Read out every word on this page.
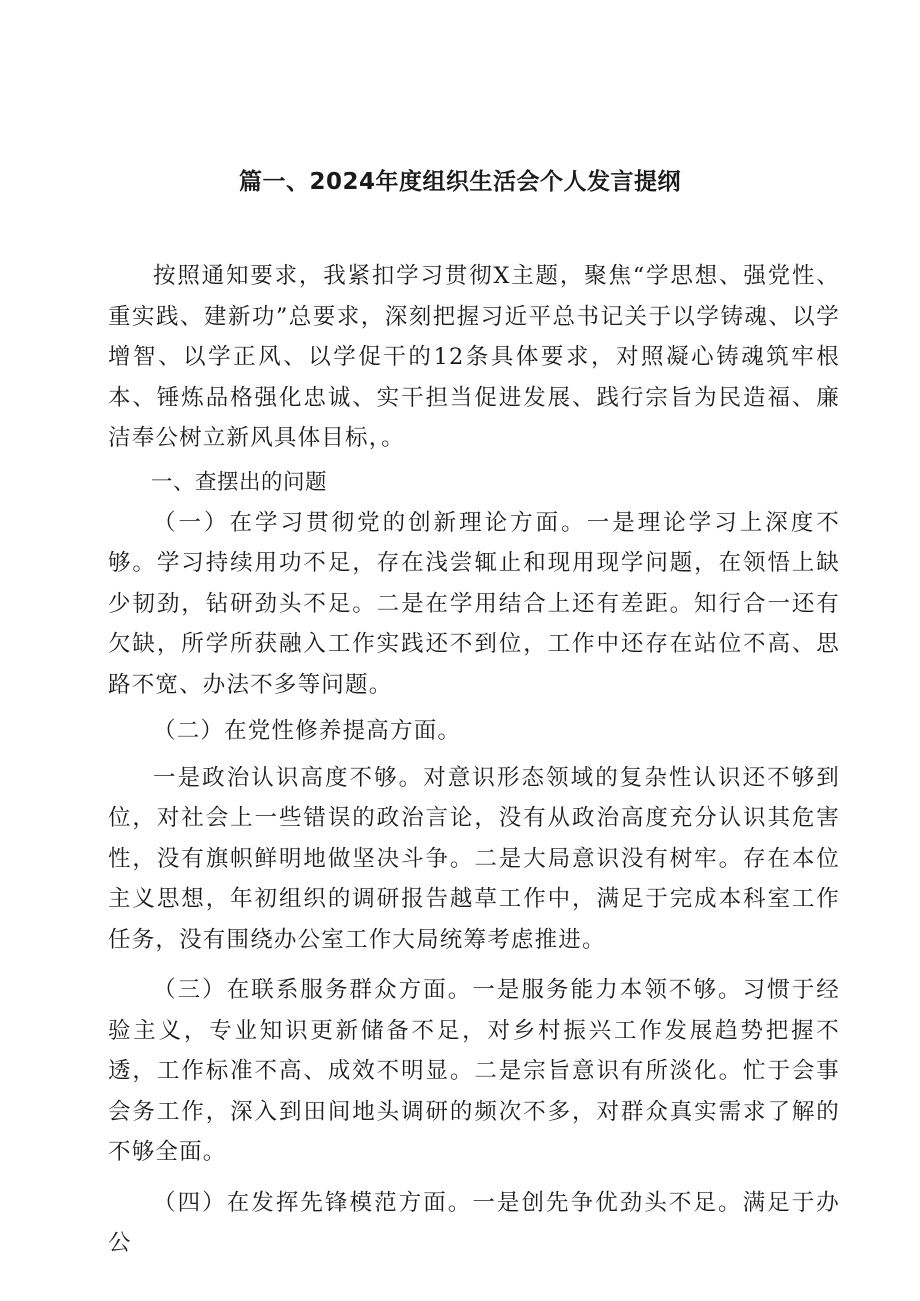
篇一、2024年度组织生活会个人发言提纲

按照通知要求，我紧扣学习贯彻X主题，聚焦“学思想、强党性、重实践、建新功”总要求，深刻把握习近平总书记关于以学铸魂、以学增智、以学正风、以学促干的12条具体要求，对照凝心铸魂筑牢根本、锤炼品格强化忠诚、实干担当促进发展、践行宗旨为民造福、廉洁奉公树立新风具体目标，。

一、查摆出的问题

（一）在学习贯彻党的创新理论方面。一是理论学习上深度不够。学习持续用功不足，存在浅尝辄止和现用现学问题，在领悟上缺少韧劲，钻研劲头不足。二是在学用结合上还有差距。知行合一还有欠缺，所学所获融入工作实践还不到位，工作中还存在站位不高、思路不宽、办法不多等问题。

（二）在党性修养提高方面。

一是政治认识高度不够。对意识形态领域的复杂性认识还不够到位，对社会上一些错误的政治言论，没有从政治高度充分认识其危害性，没有旗帜鲜明地做坚决斗争。二是大局意识没有树牢。存在本位主义思想，年初组织的调研报告越草工作中，满足于完成本科室工作任务，没有围绕办公室工作大局统筹考虑推进。

（三）在联系服务群众方面。一是服务能力本领不够。习惯于经验主义，专业知识更新储备不足，对乡村振兴工作发展趋势把握不透，工作标准不高、成效不明显。二是宗旨意识有所淡化。忙于会事会务工作，深入到田间地头调研的频次不多，对群众真实需求了解的不够全面。

（四）在发挥先锋模范方面。一是创先争优劲头不足。满足于办公
